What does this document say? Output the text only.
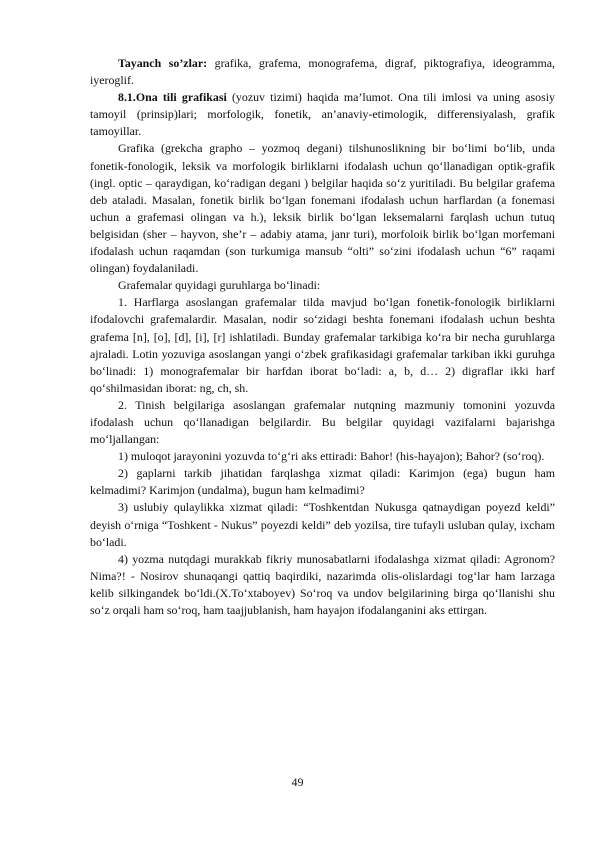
Tayanch so’zlar: grafika, grafema, monografema, digraf, piktografiya, ideogramma, iyeroglif.

8.1.Ona tili grafikasi (yozuv tizimi) haqida ma’lumot. Ona tili imlosi va uning asosiy tamoyil (prinsip)lari; morfologik, fonetik, an’anaviy-etimologik, differensiyalash, grafik tamoyillar.

Grafika (grekcha grapho – yozmoq degani) tilshunoslikning bir bo‘limi bo‘lib, unda fonetik-fonologik, leksik va morfologik birliklarni ifodalash uchun qo‘llanadigan optik-grafik (ingl. optic – qaraydigan, ko‘radigan degani ) belgilar haqida so‘z yuritiladi. Bu belgilar grafema deb ataladi. Masalan, fonetik birlik bo‘lgan fonemani ifodalash uchun harflardan (a fonemasi uchun a grafemasi olingan va h.), leksik birlik bo‘lgan leksemalarni farqlash uchun tutuq belgisidan (sher – hayvon, she’r – adabiy atama, janr turi), morfoloik birlik bo‘lgan morfemani ifodalash uchun raqamdan (son turkumiga mansub “olti” so‘zini ifodalash uchun “6” raqami olingan) foydalaniladi.

Grafemalar quyidagi guruhlarga bo‘linadi:

1. Harflarga asoslangan grafemalar tilda mavjud bo‘lgan fonetik-fonologik birliklarni ifodalovchi grafemalardir. Masalan, nodir so‘zidagi beshta fonemani ifodalash uchun beshta grafema [n], [o], [d], [i], [r] ishlatiladi. Bunday grafemalar tarkibiga ko‘ra bir necha guruhlarga ajraladi. Lotin yozuviga asoslangan yangi o‘zbek grafikasidagi grafemalar tarkiban ikki guruhga bo‘linadi: 1) monografemalar bir harfdan iborat bo‘ladi: a, b, d… 2) digraflar ikki harf qo‘shilmasidan iborat: ng, ch, sh.

2. Tinish belgilariga asoslangan grafemalar nutqning mazmuniy tomonini yozuvda ifodalash uchun qo‘llanadigan belgilardir. Bu belgilar quyidagi vazifalarni bajarishga mo‘ljallangan:

1) muloqot jarayonini yozuvda to‘g‘ri aks ettiradi: Bahor! (his-hayajon); Bahor? (so‘roq).

2) gaplarni tarkib jihatidan farqlashga xizmat qiladi: Karimjon (ega) bugun ham kelmadimi? Karimjon (undalma), bugun ham kelmadimi?

3) uslubiy qulaylikka xizmat qiladi: “Toshkentdan Nukusga qatnaydigan poyezd keldi” deyish o‘rniga “Toshkent - Nukus” poyezdi keldi” deb yozilsa, tire tufayli usluban qulay, ixcham bo‘ladi.

4) yozma nutqdagi murakkab fikriy munosabatlarni ifodalashga xizmat qiladi: Agronom? Nima?! - Nosirov shunaqangi qattiq baqirdiki, nazarimda olis-olislardagi tog‘lar ham larzaga kelib silkingandek bo‘ldi.(X.To‘xtaboyev) So‘roq va undov belgilarining birga qo‘llanishi shu so‘z orqali ham so‘roq, ham taajjublanish, ham hayajon ifodalanganini aks ettirgan.

49
